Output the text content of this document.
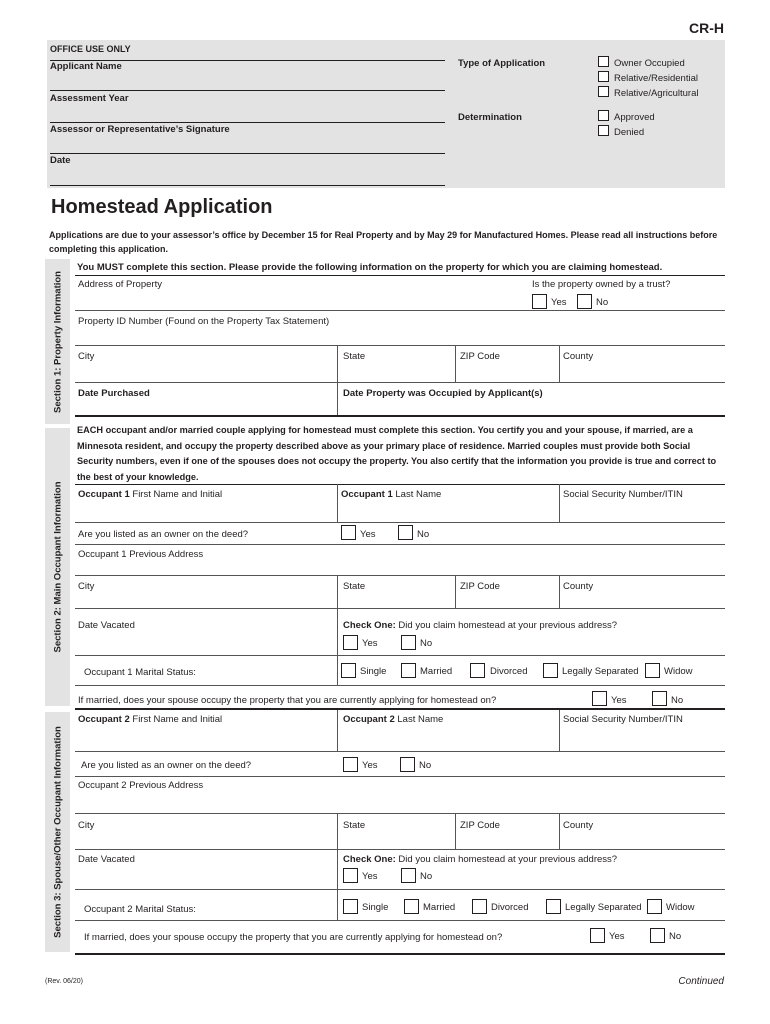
CR-H
OFFICE USE ONLY
Applicant Name
Assessment Year
Assessor or Representative’s Signature
Date
Type of Application	Owner Occupied
Relative/Residential
Relative/Agricultural
Determination	Approved
Denied
Homestead Application
Applications are due to your assessor’s office by December 15 for Real Property and by May 29 for Manufactured Homes. Please read all instructions before completing this application.
Section 1: Property Information
You MUST complete this section. Please provide the following information on the property for which you are claiming homestead.
Address of Property	Is the property owned by a trust?
Yes	No
Property ID Number (Found on the Property Tax Statement)
City	State	ZIP Code	County
Date Purchased	Date Property was Occupied by Applicant(s)
Section 2: Main Occupant Information
EACH occupant and/or married couple applying for homestead must complete this section. You certify you and your spouse, if married, are a Minnesota resident, and occupy the property described above as your primary place of residence. Married couples must provide both Social Security numbers, even if one of the spouses does not occupy the property. You also certify that the information you provide is true and correct to the best of your knowledge.
Occupant 1 First Name and Initial	Occupant 1 Last Name	Social Security Number/ITIN
Are you listed as an owner on the deed?	Yes	No
Occupant 1 Previous Address
City	State	ZIP Code	County
Date Vacated	Check One: Did you claim homestead at your previous address?
Yes	No
Occupant 1 Marital Status:	Single	Married	Divorced	Legally Separated	Widow
If married, does your spouse occupy the property that you are currently applying for homestead on?	Yes	No
Section 3: Spouse/Other Occupant Information
Occupant 2 First Name and Initial	Occupant 2 Last Name	Social Security Number/ITIN
Are you listed as an owner on the deed?	Yes	No
Occupant 2 Previous Address
City	State	ZIP Code	County
Date Vacated	Check One: Did you claim homestead at your previous address?
Yes	No
Occupant 2 Marital Status:	Single	Married	Divorced	Legally Separated	Widow
If married, does your spouse occupy the property that you are currently applying for homestead on?	Yes	No
(Rev. 06/20)	Continued
